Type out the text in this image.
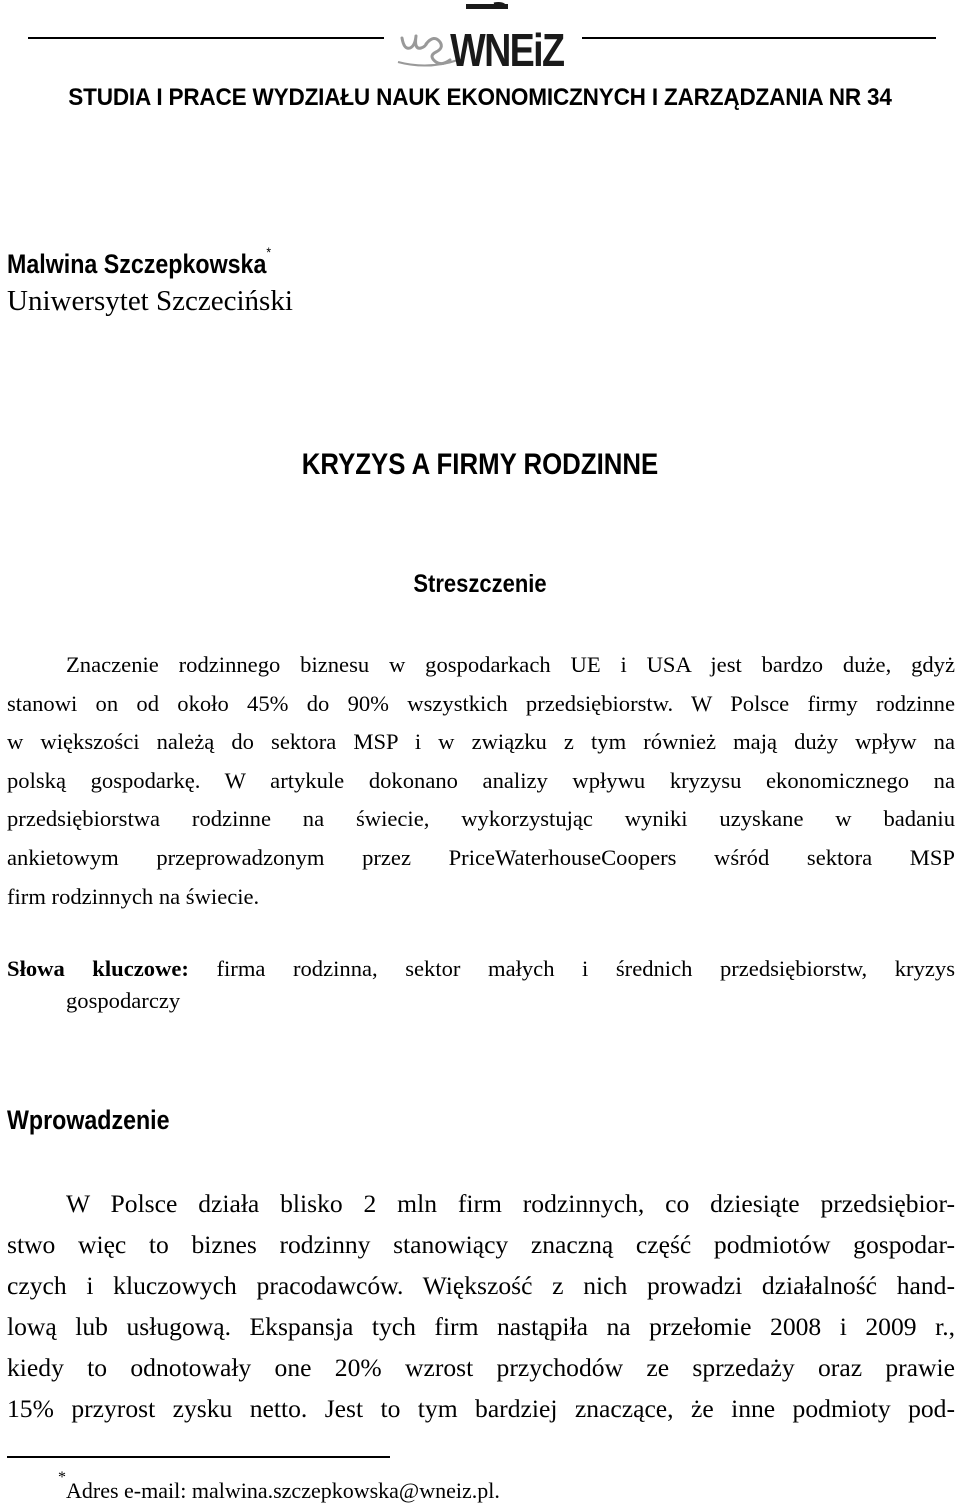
WNEiZ
STUDIA I PRACE WYDZIAŁU NAUK EKONOMICZNYCH I ZARZĄDZANIA NR 34
Malwina Szczepkowska*
Uniwersytet Szczeciński
KRYZYS A FIRMY RODZINNE
Streszczenie
Znaczenie rodzinnego biznesu w gospodarkach UE i USA jest bardzo duże, gdyż
stanowi on od około 45% do 90% wszystkich przedsiębiorstw. W Polsce firmy rodzinne
w większości należą do sektora MSP i w związku z tym również mają duży wpływ na
polską gospodarkę. W artykule dokonano analizy wpływu kryzysu ekonomicznego na
przedsiębiorstwa rodzinne na świecie, wykorzystując wyniki uzyskane w badaniu
ankietowym przeprowadzonym przez PriceWaterhouseCoopers wśród sektora MSP
firm rodzinnych na świecie.
Słowa kluczowe: firma rodzinna, sektor małych i średnich przedsiębiorstw, kryzys
gospodarczy
Wprowadzenie
W Polsce działa blisko 2 mln firm rodzinnych, co dziesiąte przedsiębior-
stwo więc to biznes rodzinny stanowiący znaczną część podmiotów gospodar-
czych i kluczowych pracodawców. Większość z nich prowadzi działalność hand-
lową lub usługową. Ekspansja tych firm nastąpiła na przełomie 2008 i 2009 r.,
kiedy to odnotowały one 20% wzrost przychodów ze sprzedaży oraz prawie
15% przyrost zysku netto. Jest to tym bardziej znaczące, że inne podmioty pod-
*
Adres e-mail: malwina.szczepkowska@wneiz.pl.
